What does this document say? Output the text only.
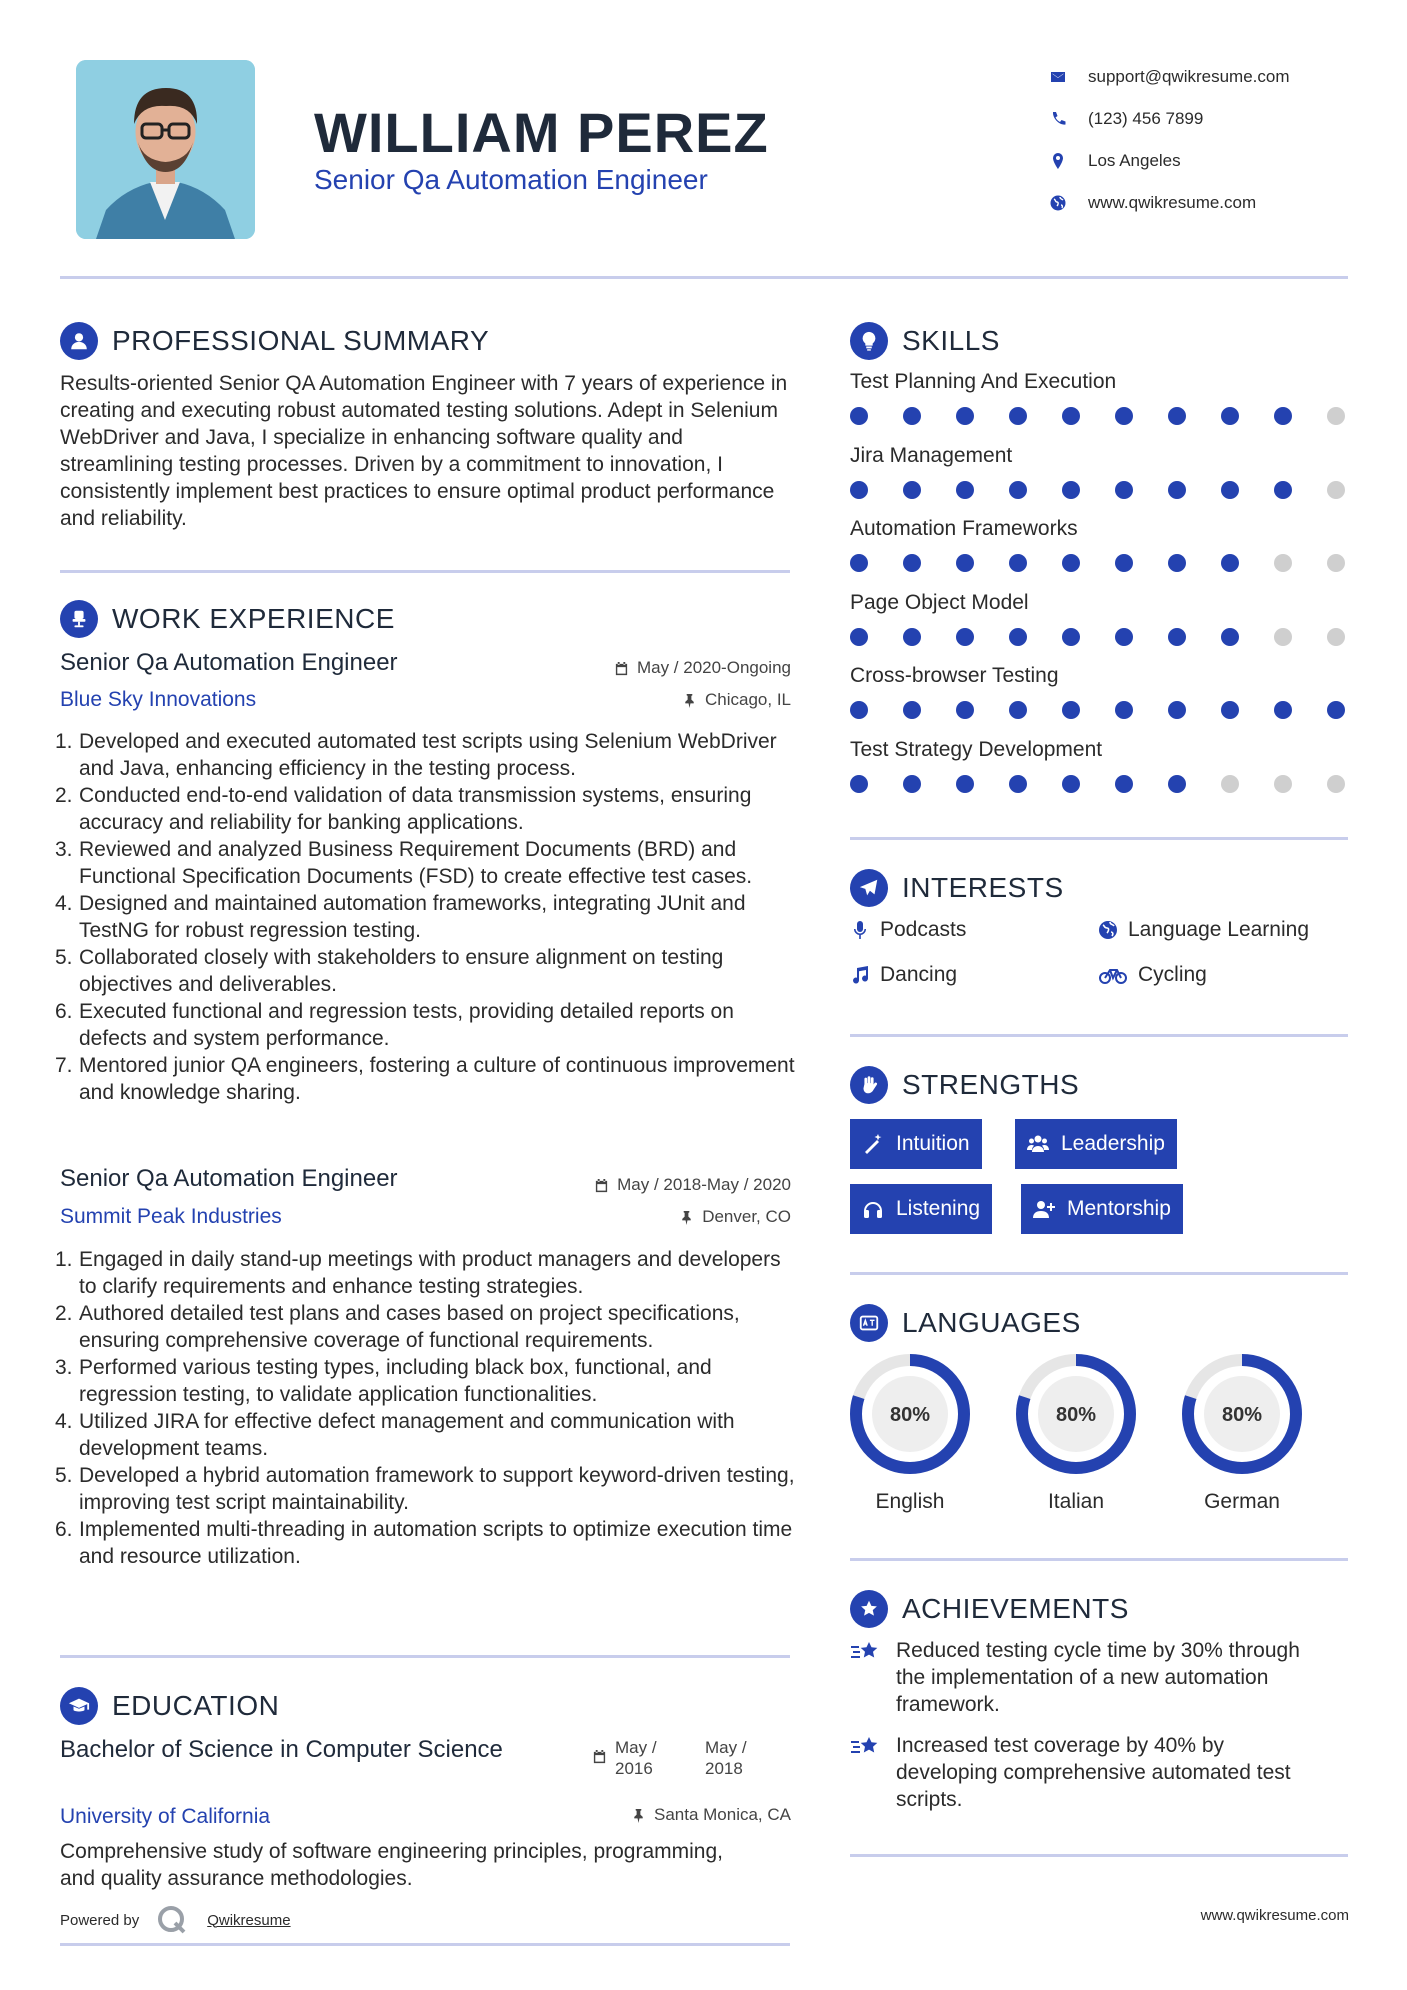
WILLIAM PEREZ
Senior Qa Automation Engineer
support@qwikresume.com
(123) 456 7899
Los Angeles
www.qwikresume.com
PROFESSIONAL SUMMARY
Results-oriented Senior QA Automation Engineer with 7 years of experience in creating and executing robust automated testing solutions. Adept in Selenium WebDriver and Java, I specialize in enhancing software quality and streamlining testing processes. Driven by a commitment to innovation, I consistently implement best practices to ensure optimal product performance and reliability.
WORK EXPERIENCE
Senior Qa Automation Engineer
Blue Sky Innovations
May / 2020-Ongoing
Chicago, IL
1. Developed and executed automated test scripts using Selenium WebDriver and Java, enhancing efficiency in the testing process.
2. Conducted end-to-end validation of data transmission systems, ensuring accuracy and reliability for banking applications.
3. Reviewed and analyzed Business Requirement Documents (BRD) and Functional Specification Documents (FSD) to create effective test cases.
4. Designed and maintained automation frameworks, integrating JUnit and TestNG for robust regression testing.
5. Collaborated closely with stakeholders to ensure alignment on testing objectives and deliverables.
6. Executed functional and regression tests, providing detailed reports on defects and system performance.
7. Mentored junior QA engineers, fostering a culture of continuous improvement and knowledge sharing.
Senior Qa Automation Engineer
Summit Peak Industries
May / 2018-May / 2020
Denver, CO
1. Engaged in daily stand-up meetings with product managers and developers to clarify requirements and enhance testing strategies.
2. Authored detailed test plans and cases based on project specifications, ensuring comprehensive coverage of functional requirements.
3. Performed various testing types, including black box, functional, and regression testing, to validate application functionalities.
4. Utilized JIRA for effective defect management and communication with development teams.
5. Developed a hybrid automation framework to support keyword-driven testing, improving test script maintainability.
6. Implemented multi-threading in automation scripts to optimize execution time and resource utilization.
EDUCATION
Bachelor of Science in Computer Science
University of California
May / 2016
May / 2018
Santa Monica, CA
Comprehensive study of software engineering principles, programming, and quality assurance methodologies.
Powered by	Qwikresume	www.qwikresume.com
SKILLS
Test Planning And Execution
Jira Management
Automation Frameworks
Page Object Model
Cross-browser Testing
Test Strategy Development
INTERESTS
Podcasts	Language Learning
Dancing	Cycling
STRENGTHS
Intuition	Leadership
Listening	Mentorship
LANGUAGES
80%
English
80%
Italian
80%
German
ACHIEVEMENTS
Reduced testing cycle time by 30% through the implementation of a new automation framework.
Increased test coverage by 40% by developing comprehensive automated test scripts.
